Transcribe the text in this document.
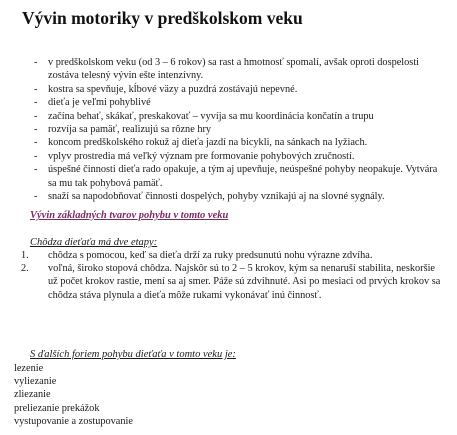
Vývin motoriky v predškolskom veku
- v predškolskom veku (od 3 – 6 rokov) sa rast a hmotnosť spomalí, avšak oproti dospelosti zostáva telesný vývin ešte intenzívny.
- kostra sa spevňuje, kĺbové väzy a puzdrá zostávajú nepevné.
- dieťa je veľmi pohyblivé
- začína behať, skákať, preskakovať – vyvíja sa mu koordinácia končatín a trupu
- rozvíja sa pamäť, realizujú sa rôzne hry
- koncom predškolského rokuž aj dieťa jazdí na bicykli, na sánkach na lyžiach.
- vplyv prostredia má veľký význam pre formovanie pohybových zručností.
- úspešné činnosti dieťa rado opakuje, a tým aj upevňuje, neúspešné pohyby neopakuje. Vytvára sa mu tak pohybová pamäť.
- snaží sa napodobňovať činnosti dospelých, pohyby vznikajú aj na slovné sygnály.

Vývin základných tvarov pohybu v tomto veku

Chôdza dieťaťa má dve etapy:

1. chôdza s pomocou, keď sa dieťa drží za ruky predsunutú nohu výrazne zdvíha.
2. voľná, široko stopová chôdza. Najskôr sú to 2 – 5 krokov, kým sa nenaruší stabilita, neskoršie už počet krokov rastie, mení sa aj smer. Páže sú zdvihnuté. Asi po mesiaci od prvých krokov sa chôdza stáva plynula a dieťa môže rukami vykonávať inú činnosť.

S ďalších foriem pohybu dieťaťa v tomto veku je:

lezenie
vyliezanie
zliezanie
preliezanie prekážok
vystupovanie a zostupovanie
